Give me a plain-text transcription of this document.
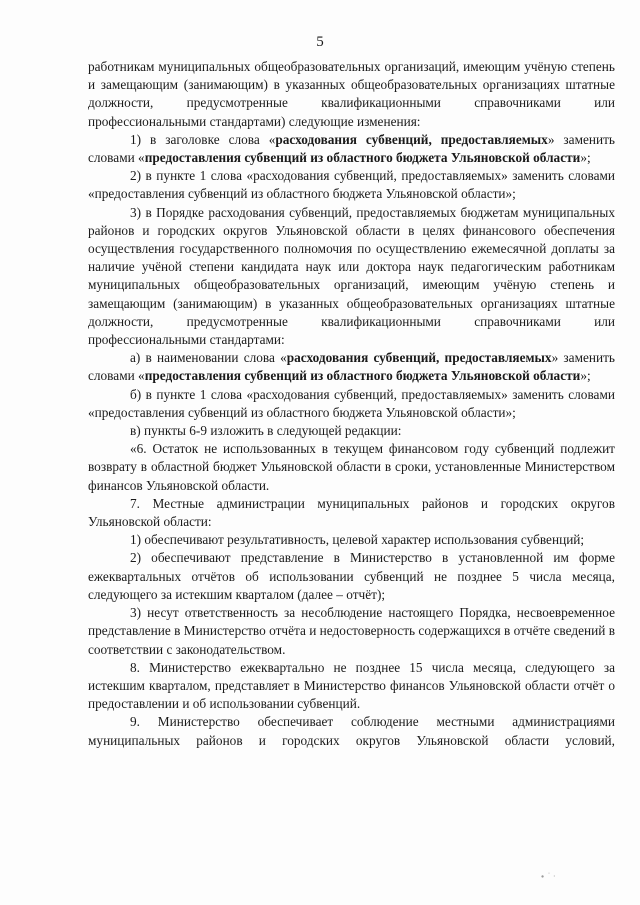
5

работникам муниципальных общеобразовательных организаций, имеющим учёную степень и замещающим (занимающим) в указанных общеобразовательных организациях штатные должности, предусмотренные квалификационными справочниками или профессиональными стандартами) следующие изменения:

1) в заголовке слова «расходования субвенций, предоставляемых» заменить словами «предоставления субвенций из областного бюджета Ульяновской области»;

2) в пункте 1 слова «расходования субвенций, предоставляемых» заменить словами «предоставления субвенций из областного бюджета Ульяновской области»;

3) в Порядке расходования субвенций, предоставляемых бюджетам муниципальных районов и городских округов Ульяновской области в целях финансового обеспечения осуществления государственного полномочия по осуществлению ежемесячной доплаты за наличие учёной степени кандидата наук или доктора наук педагогическим работникам муниципальных общеобразовательных организаций, имеющим учёную степень и замещающим (занимающим) в указанных общеобразовательных организациях штатные должности, предусмотренные квалификационными справочниками или профессиональными стандартами:

а) в наименовании слова «расходования субвенций, предоставляемых» заменить словами «предоставления субвенций из областного бюджета Ульяновской области»;

б) в пункте 1 слова «расходования субвенций, предоставляемых» заменить словами «предоставления субвенций из областного бюджета Ульяновской области»;

в) пункты 6-9 изложить в следующей редакции:

«6. Остаток не использованных в текущем финансовом году субвенций подлежит возврату в областной бюджет Ульяновской области в сроки, установленные Министерством финансов Ульяновской области.

7. Местные администрации муниципальных районов и городских округов Ульяновской области:

1) обеспечивают результативность, целевой характер использования субвенций;

2) обеспечивают представление в Министерство в установленной им форме ежеквартальных отчётов об использовании субвенций не позднее 5 числа месяца, следующего за истекшим кварталом (далее – отчёт);

3) несут ответственность за несоблюдение настоящего Порядка, несвоевременное представление в Министерство отчёта и недостоверность содержащихся в отчёте сведений в соответствии с законодательством.

8. Министерство ежеквартально не позднее 15 числа месяца, следующего за истекшим кварталом, представляет в Министерство финансов Ульяновской области отчёт о предоставлении и об использовании субвенций.

9. Министерство обеспечивает соблюдение местными администрациями муниципальных районов и городских округов Ульяновской области условий,

∙˙·
